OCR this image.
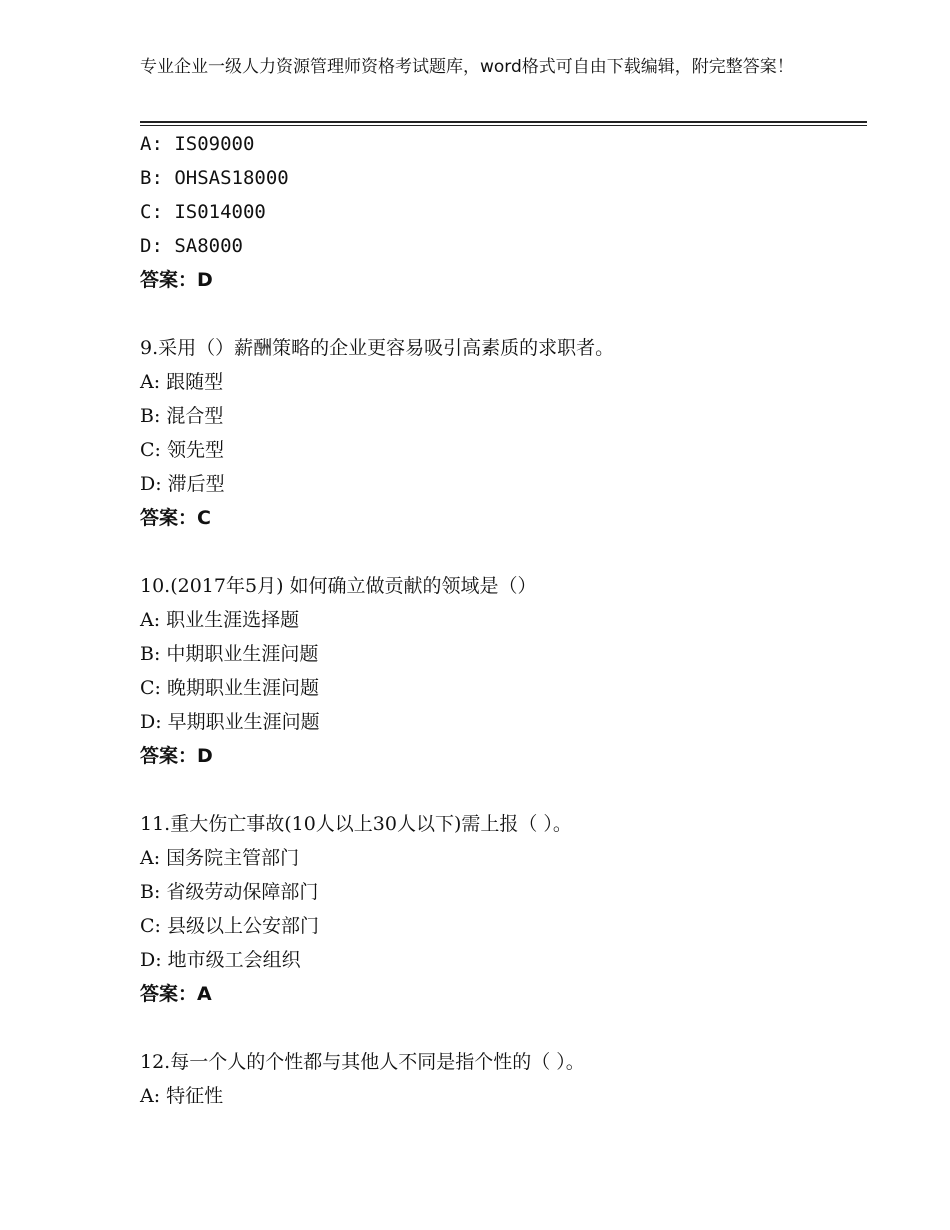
专业企业一级人力资源管理师资格考试题库，word格式可自由下载编辑，附完整答案！
A: IS09000
B: OHSAS18000
C: IS014000
D: SA8000
答案：D
9.采用（）薪酬策略的企业更容易吸引高素质的求职者。
A: 跟随型
B: 混合型
C: 领先型
D: 滞后型
答案：C
10.(2017年5月) 如何确立做贡献的领域是（）
A: 职业生涯选择题
B: 中期职业生涯问题
C: 晚期职业生涯问题
D: 早期职业生涯问题
答案：D
11.重大伤亡事故(10人以上30人以下)需上报（ ）。
A: 国务院主管部门
B: 省级劳动保障部门
C: 县级以上公安部门
D: 地市级工会组织
答案：A
12.每一个人的个性都与其他人不同是指个性的（ ）。
A: 特征性
